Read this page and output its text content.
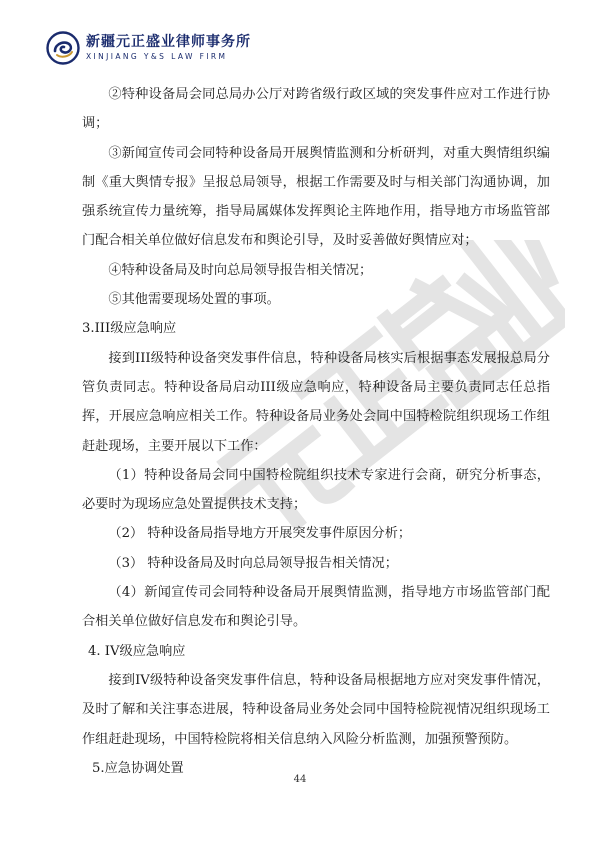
新疆元正盛业律师事务所
XINJIANG Y&S LAW FIRM

②特种设备局会同总局办公厅对跨省级行政区域的突发事件应对工作进行协调；

③新闻宣传司会同特种设备局开展舆情监测和分析研判，对重大舆情组织编制《重大舆情专报》呈报总局领导，根据工作需要及时与相关部门沟通协调，加强系统宣传力量统筹，指导局属媒体发挥舆论主阵地作用，指导地方市场监管部门配合相关单位做好信息发布和舆论引导，及时妥善做好舆情应对；

④特种设备局及时向总局领导报告相关情况；

⑤其他需要现场处置的事项。

3.III级应急响应

接到III级特种设备突发事件信息，特种设备局核实后根据事态发展报总局分管负责同志。特种设备局启动III级应急响应，特种设备局主要负责同志任总指挥，开展应急响应相关工作。特种设备局业务处会同中国特检院组织现场工作组赶赴现场，主要开展以下工作：

（1）特种设备局会同中国特检院组织技术专家进行会商，研究分析事态，必要时为现场应急处置提供技术支持；

（2） 特种设备局指导地方开展突发事件原因分析；

（3） 特种设备局及时向总局领导报告相关情况；

（4）新闻宣传司会同特种设备局开展舆情监测，指导地方市场监管部门配合相关单位做好信息发布和舆论引导。

4. IV级应急响应

接到IV级特种设备突发事件信息，特种设备局根据地方应对突发事件情况，及时了解和关注事态进展，特种设备局业务处会同中国特检院视情况组织现场工作组赶赴现场，中国特检院将相关信息纳入风险分析监测，加强预警预防。

5.应急协调处置

44
